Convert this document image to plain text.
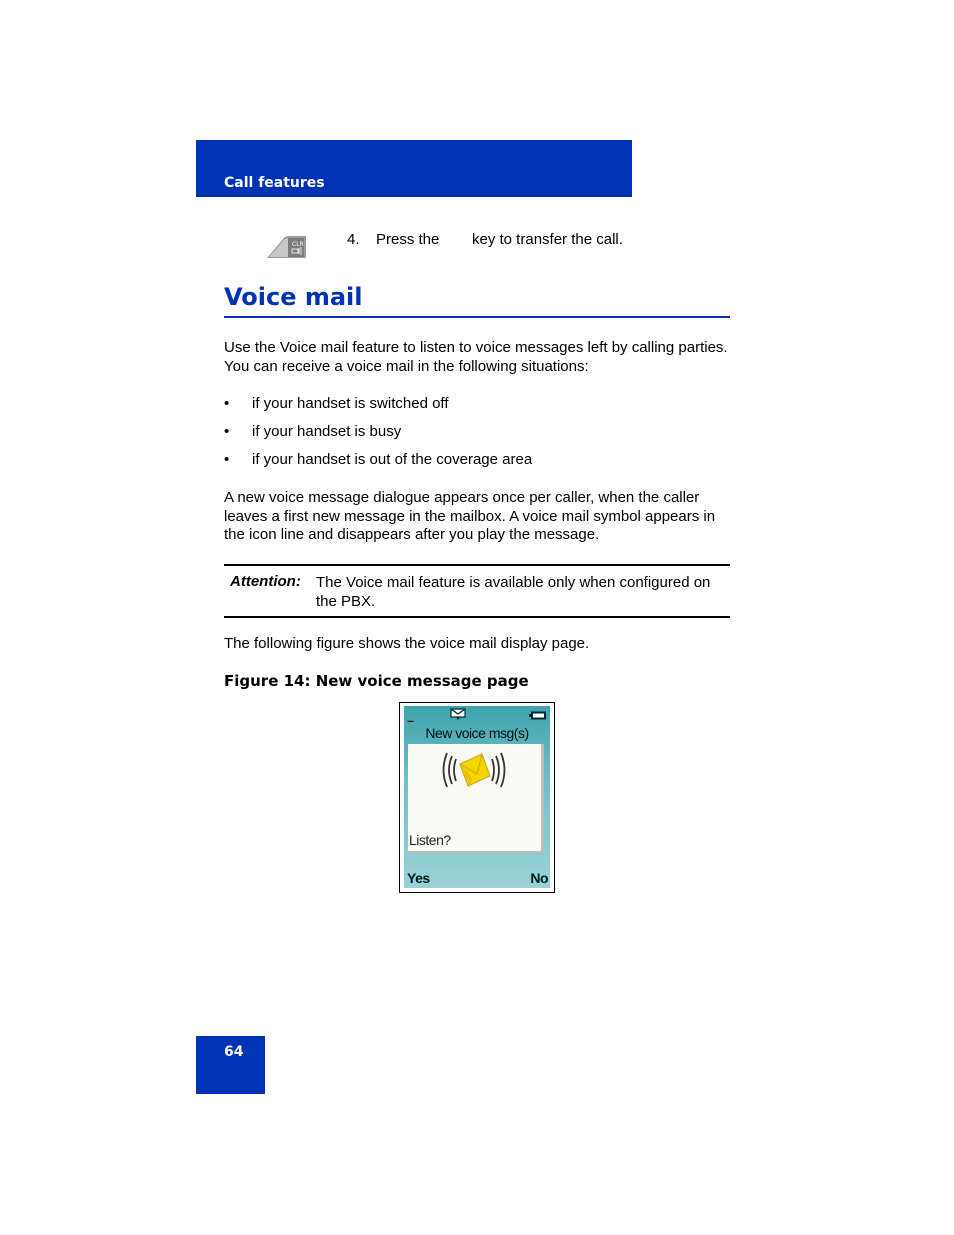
Call features
CLR	4. Press the key to transfer the call.
Voice mail
Use the Voice mail feature to listen to voice messages left by calling parties. You can receive a voice mail in the following situations:
• if your handset is switched off
• if your handset is busy
• if your handset is out of the coverage area
A new voice message dialogue appears once per caller, when the caller leaves a first new message in the mailbox. A voice mail symbol appears in the icon line and disappears after you play the message.
Attention: The Voice mail feature is available only when configured on the PBX.
The following figure shows the voice mail display page.
Figure 14: New voice message page
.....
New voice msg(s)
Listen?
Yes	No
64
